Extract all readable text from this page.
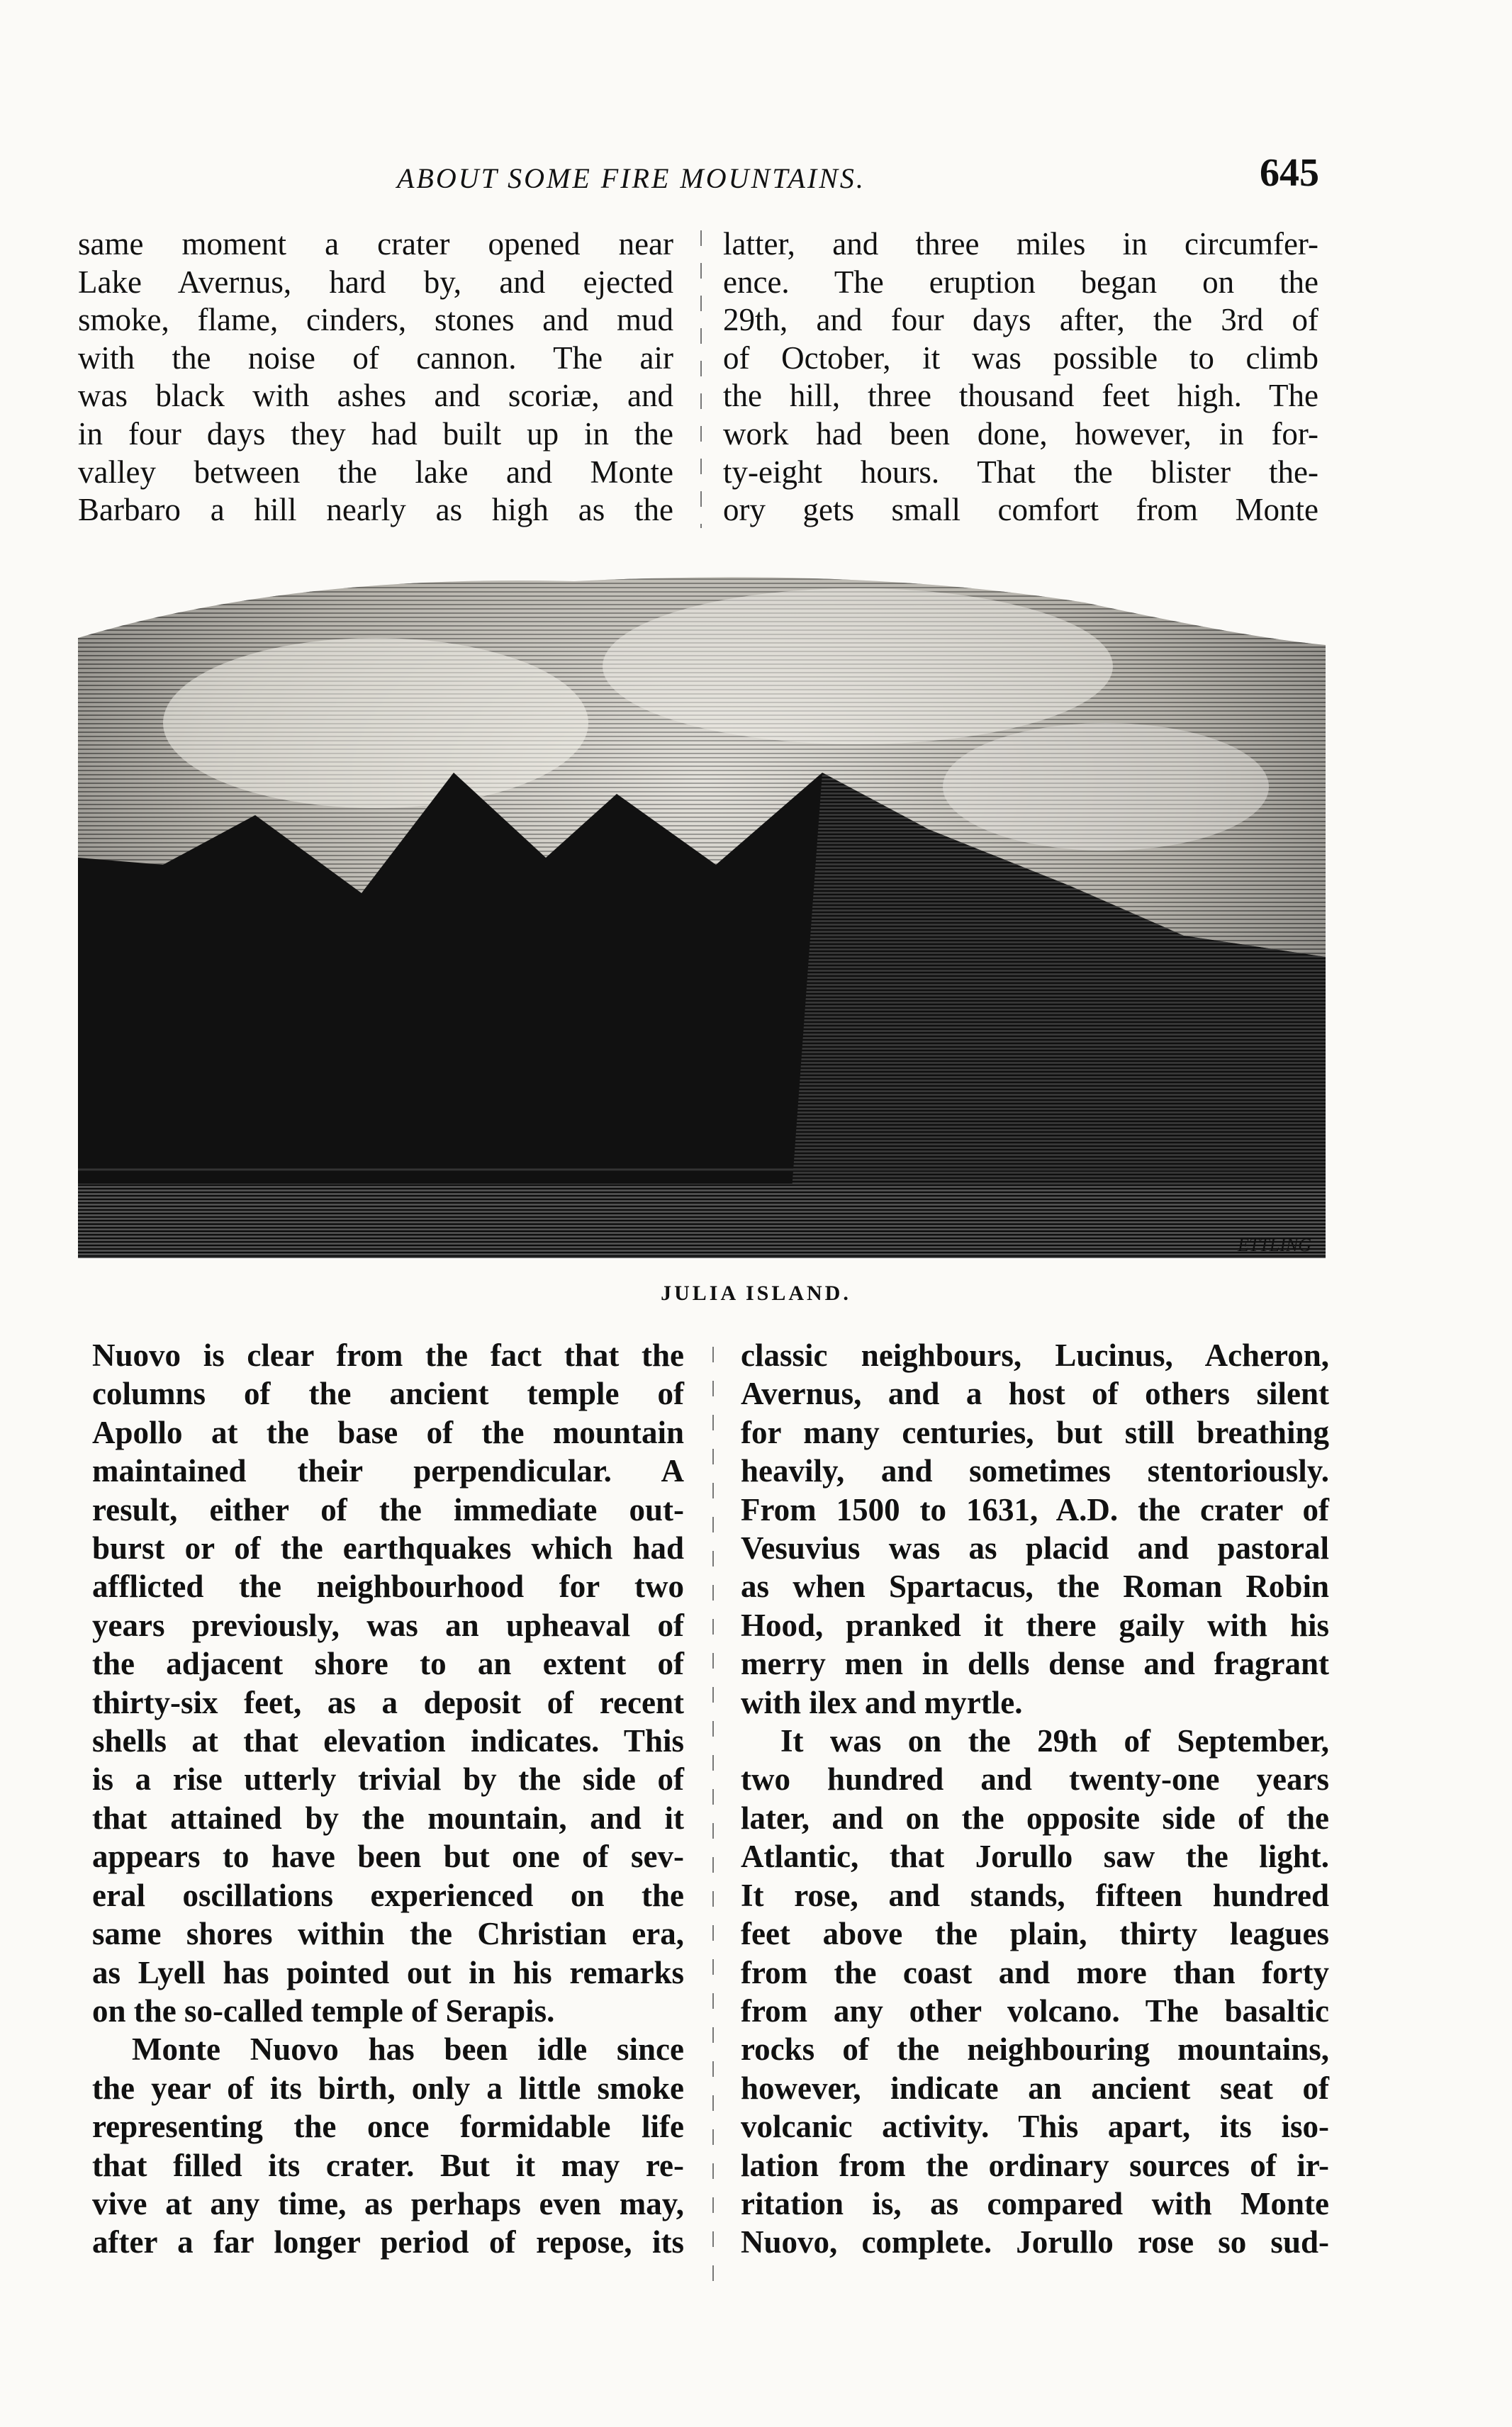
ABOUT SOME FIRE MOUNTAINS.	645

same moment a crater opened near

Lake Avernus, hard by, and ejected

smoke, flame, cinders, stones and mud

with the noise of cannon. The air

was black with ashes and scoriæ, and

in four days they had built up in the

valley between the lake and Monte

Barbaro a hill nearly as high as the

latter, and three miles in circumfer-

ence. The eruption began on the

29th, and four days after, the 3rd of

of October, it was possible to climb

the hill, three thousand feet high. The

work had been done, however, in for-

ty-eight hours. That the blister the-

ory gets small comfort from Monte

ETTLING
JULIA ISLAND.

Nuovo is clear from the fact that the

columns of the ancient temple of

Apollo at the base of the mountain

maintained their perpendicular. A

result, either of the immediate out-

burst or of the earthquakes which had

afflicted the neighbourhood for two

years previously, was an upheaval of

the adjacent shore to an extent of

thirty-six feet, as a deposit of recent

shells at that elevation indicates. This

is a rise utterly trivial by the side of

that attained by the mountain, and it

appears to have been but one of sev-

eral oscillations experienced on the

same shores within the Christian era,

as Lyell has pointed out in his remarks

on the so-called temple of Serapis.

Monte Nuovo has been idle since

the year of its birth, only a little smoke

representing the once formidable life

that filled its crater. But it may re-

vive at any time, as perhaps even may,

after a far longer period of repose, its

classic neighbours, Lucinus, Acheron,

Avernus, and a host of others silent

for many centuries, but still breathing

heavily, and sometimes stentoriously.

From 1500 to 1631, A.D. the crater of

Vesuvius was as placid and pastoral

as when Spartacus, the Roman Robin

Hood, pranked it there gaily with his

merry men in dells dense and fragrant

with ilex and myrtle.

It was on the 29th of September,

two hundred and twenty-one years

later, and on the opposite side of the

Atlantic, that Jorullo saw the light.

It rose, and stands, fifteen hundred

feet above the plain, thirty leagues

from the coast and more than forty

from any other volcano. The basaltic

rocks of the neighbouring mountains,

however, indicate an ancient seat of

volcanic activity. This apart, its iso-

lation from the ordinary sources of ir-

ritation is, as compared with Monte

Nuovo, complete. Jorullo rose so sud-
